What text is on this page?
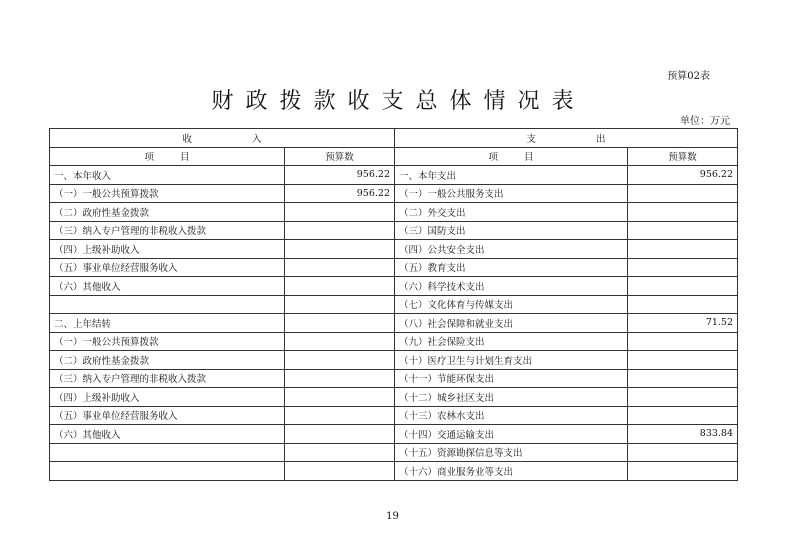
预算02表
财政拨款收支总体情况表
单位：万元
收入		支出	
项目	预算数	项目	预算数
一、本年收入	956.22	一、本年支出	956.22
（一）一般公共预算拨款	956.22	（一）一般公共服务支出	
（二）政府性基金拨款		（二）外交支出	
（三）纳入专户管理的非税收入拨款		（三）国防支出	
（四）上级补助收入		（四）公共安全支出	
（五）事业单位经营服务收入		（五）教育支出	
（六）其他收入		（六）科学技术支出	
		（七）文化体育与传媒支出	
二、上年结转		（八）社会保障和就业支出	71.52
（一）一般公共预算拨款		（九）社会保险支出	
（二）政府性基金拨款		（十）医疗卫生与计划生育支出	
（三）纳入专户管理的非税收入拨款		（十一）节能环保支出	
（四）上级补助收入		（十二）城乡社区支出	
（五）事业单位经营服务收入		（十三）农林水支出	
（六）其他收入		（十四）交通运输支出	833.84
		（十五）资源勘探信息等支出	
		（十六）商业服务业等支出	
19
